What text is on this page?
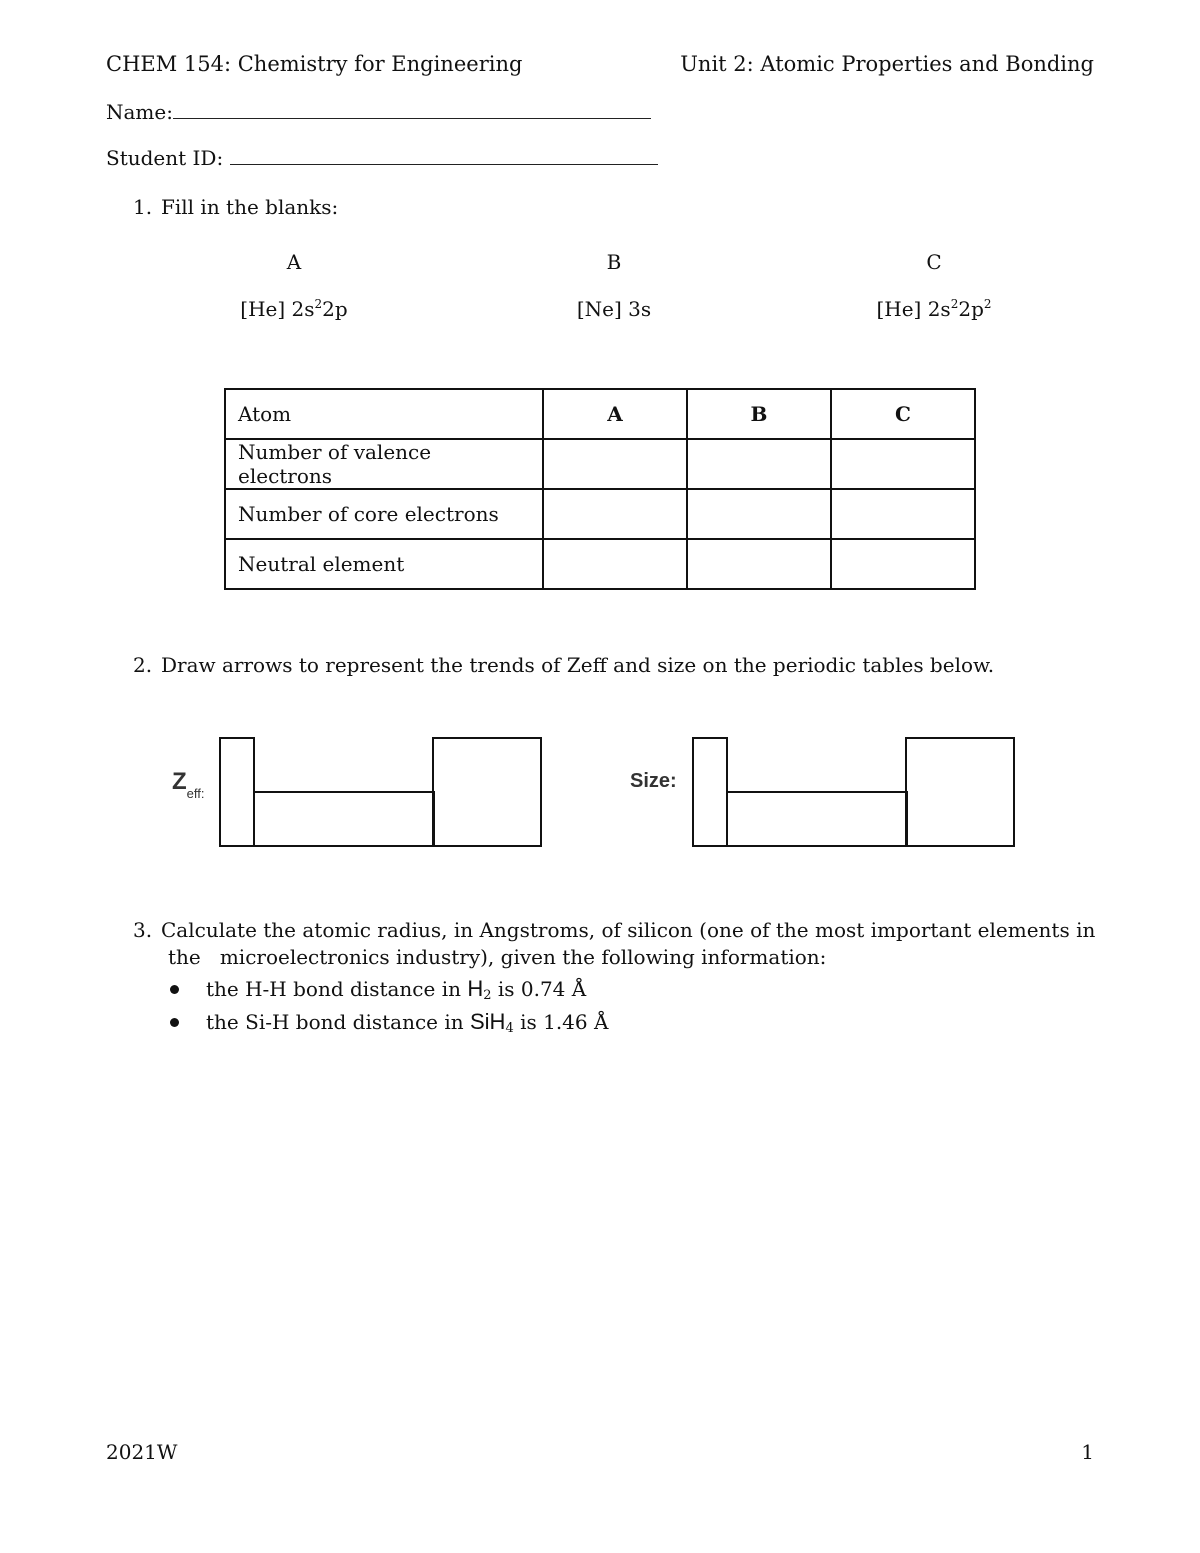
CHEM 154: Chemistry for Engineering	Unit 2: Atomic Properties and Bonding
Name:
Student ID:
1. Fill in the blanks:
A	B	C
[He] $2s^22p$	[Ne] 3s	[He] $2s^22p^2$
Atom	A	B	C
Number of valence electrons			
Number of core electrons			
Neutral element			
2. Draw arrows to represent the trends of Zeff and size on the periodic tables below.
$Z_{eff:}$
Size:
3. Calculate the atomic radius, in Angstroms, of silicon (one of the most important elements in
the   microelectronics industry), given the following information:
the H-H bond distance in $H_2$ is 0.74 Å
the Si-H bond distance in SiH$_4$ is 1.46 Å
2021W	1
